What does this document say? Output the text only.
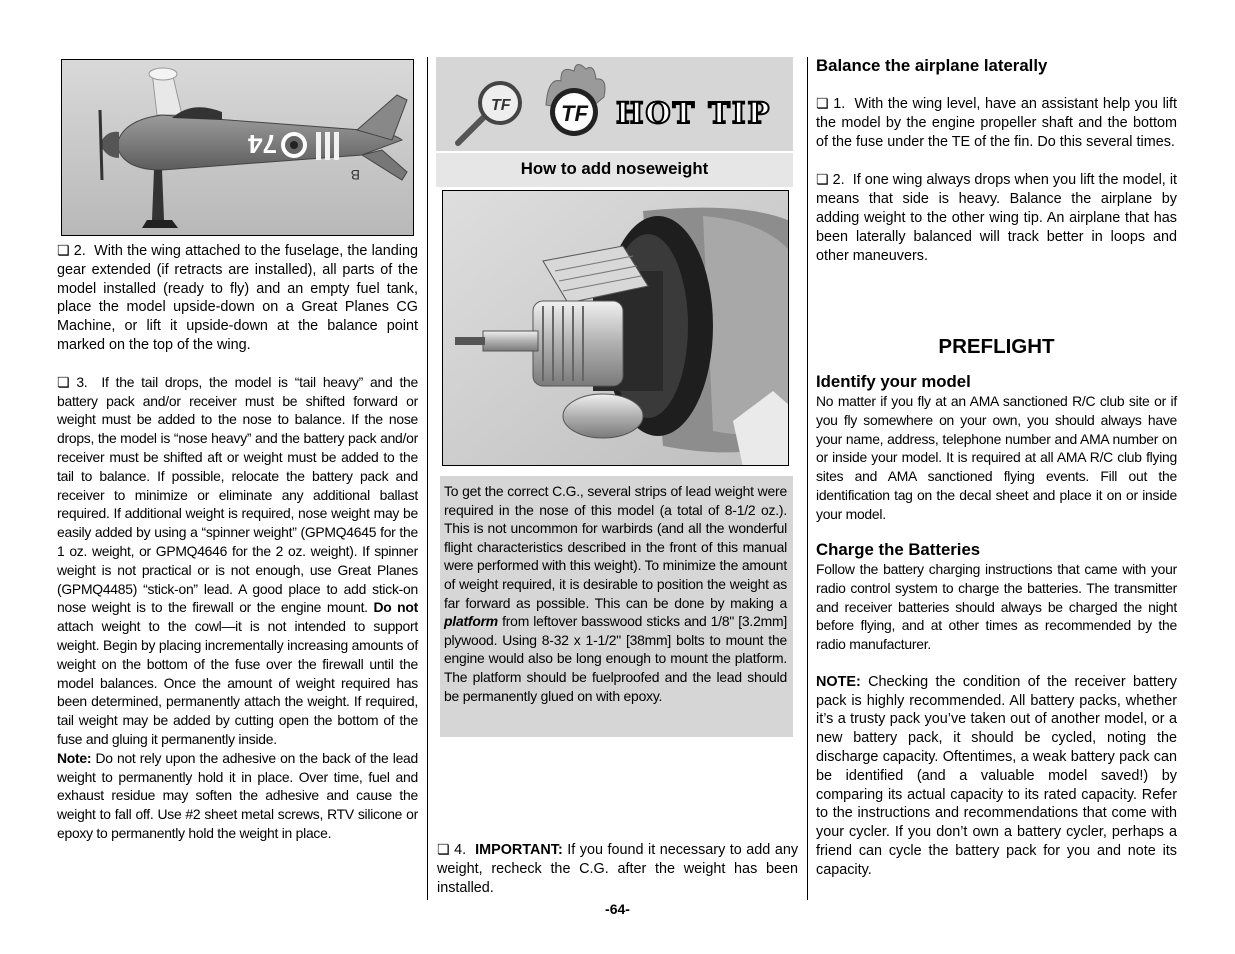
74
B
❏ 2. With the wing attached to the fuselage, the landing gear extended (if retracts are installed), all parts of the model installed (ready to fly) and an empty fuel tank, place the model upside-down on a Great Planes CG Machine, or lift it upside-down at the balance point marked on the top of the wing.
❏ 3. If the tail drops, the model is “tail heavy” and the battery pack and/or receiver must be shifted forward or weight must be added to the nose to balance. If the nose drops, the model is “nose heavy” and the battery pack and/or receiver must be shifted aft or weight must be added to the tail to balance. If possible, relocate the battery pack and receiver to minimize or eliminate any additional ballast required. If additional weight is required, nose weight may be easily added by using a “spinner weight” (GPMQ4645 for the 1 oz. weight, or GPMQ4646 for the 2 oz. weight). If spinner weight is not practical or is not enough, use Great Planes (GPMQ4485) “stick-on” lead. A good place to add stick-on nose weight is to the firewall or the engine mount. Do not attach weight to the cowl—it is not intended to support weight. Begin by placing incrementally increasing amounts of weight on the bottom of the fuse over the firewall until the model balances. Once the amount of weight required has been determined, permanently attach the weight. If required, tail weight may be added by cutting open the bottom of the fuse and gluing it permanently inside.
Note: Do not rely upon the adhesive on the back of the lead weight to permanently hold it in place. Over time, fuel and exhaust residue may soften the adhesive and cause the weight to fall off. Use #2 sheet metal screws, RTV silicone or epoxy to permanently hold the weight in place.
TF TF HOT TIP
How to add noseweight
To get the correct C.G., several strips of lead weight were required in the nose of this model (a total of 8-1/2 oz.). This is not uncommon for warbirds (and all the wonderful flight characteristics described in the front of this manual were performed with this weight). To minimize the amount of weight required, it is desirable to position the weight as far forward as possible. This can be done by making a platform from leftover basswood sticks and 1/8" [3.2mm] plywood. Using 8-32 x 1-1/2" [38mm] bolts to mount the engine would also be long enough to mount the platform. The platform should be fuelproofed and the lead should be permanently glued on with epoxy.
❏ 4. IMPORTANT: If you found it necessary to add any weight, recheck the C.G. after the weight has been installed.
Balance the airplane laterally
❏ 1. With the wing level, have an assistant help you lift the model by the engine propeller shaft and the bottom of the fuse under the TE of the fin. Do this several times.
❏ 2. If one wing always drops when you lift the model, it means that side is heavy. Balance the airplane by adding weight to the other wing tip. An airplane that has been laterally balanced will track better in loops and other maneuvers.
PREFLIGHT
Identify your model
No matter if you fly at an AMA sanctioned R/C club site or if you fly somewhere on your own, you should always have your name, address, telephone number and AMA number on or inside your model. It is required at all AMA R/C club flying sites and AMA sanctioned flying events. Fill out the identification tag on the decal sheet and place it on or inside your model.
Charge the Batteries
Follow the battery charging instructions that came with your radio control system to charge the batteries. The transmitter and receiver batteries should always be charged the night before flying, and at other times as recommended by the radio manufacturer.
NOTE: Checking the condition of the receiver battery pack is highly recommended. All battery packs, whether it’s a trusty pack you’ve taken out of another model, or a new battery pack, it should be cycled, noting the discharge capacity. Oftentimes, a weak battery pack can be identified (and a valuable model saved!) by comparing its actual capacity to its rated capacity. Refer to the instructions and recommendations that come with your cycler. If you don’t own a battery cycler, perhaps a friend can cycle the battery pack for you and note its capacity.
-64-
